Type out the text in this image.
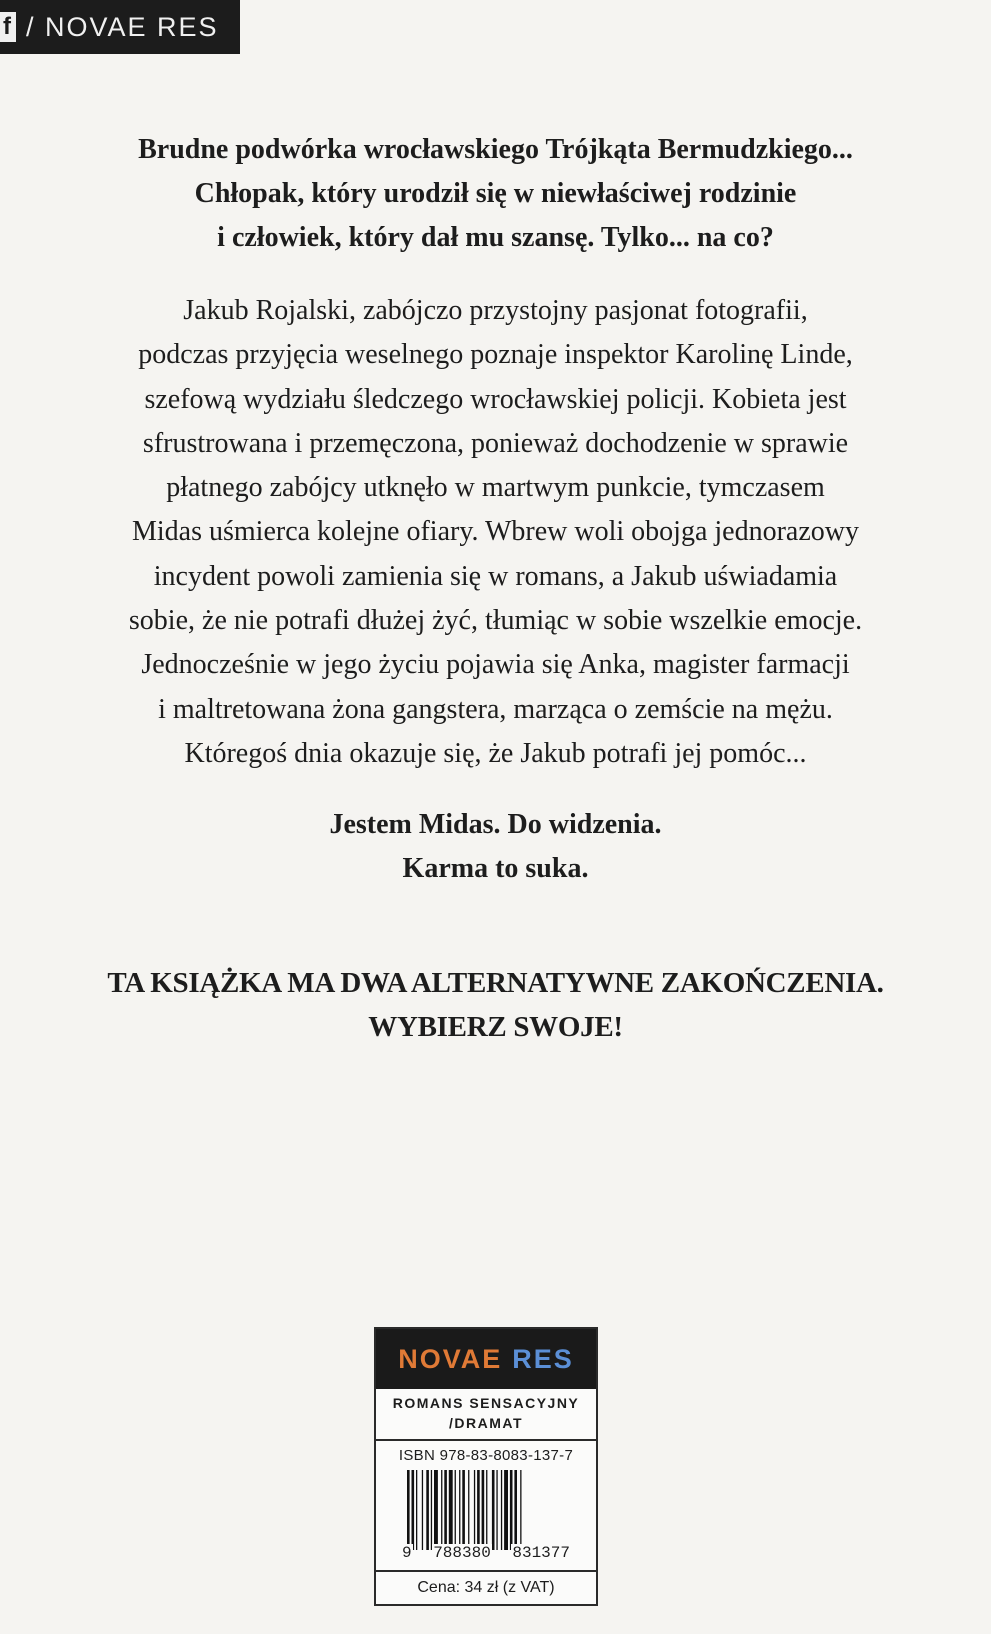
f / NOVAE RES

Brudne podwórka wrocławskiego Trójkąta Bermudzkiego...
Chłopak, który urodził się w niewłaściwej rodzinie
i człowiek, który dał mu szansę. Tylko... na co?

Jakub Rojalski, zabójczo przystojny pasjonat fotografii,
podczas przyjęcia weselnego poznaje inspektor Karolinę Linde,
szefową wydziału śledczego wrocławskiej policji. Kobieta jest
sfrustrowana i przemęczona, ponieważ dochodzenie w sprawie
płatnego zabójcy utknęło w martwym punkcie, tymczasem
Midas uśmierca kolejne ofiary. Wbrew woli obojga jednorazowy
incydent powoli zamienia się w romans, a Jakub uświadamia
sobie, że nie potrafi dłużej żyć, tłumiąc w sobie wszelkie emocje.
Jednocześnie w jego życiu pojawia się Anka, magister farmacji
i maltretowana żona gangstera, marząca o zemście na mężu.
Któregoś dnia okazuje się, że Jakub potrafi jej pomóc...

Jestem Midas. Do widzenia.
Karma to suka.

TA KSIĄŻKA MA DWA ALTERNATYWNE ZAKOŃCZENIA.
WYBIERZ SWOJE!

NOVAE RES
ROMANS SENSACYJNY
/DRAMAT
ISBN 978-83-8083-137-7
9 788380 831377
Cena: 34 zł (z VAT)
